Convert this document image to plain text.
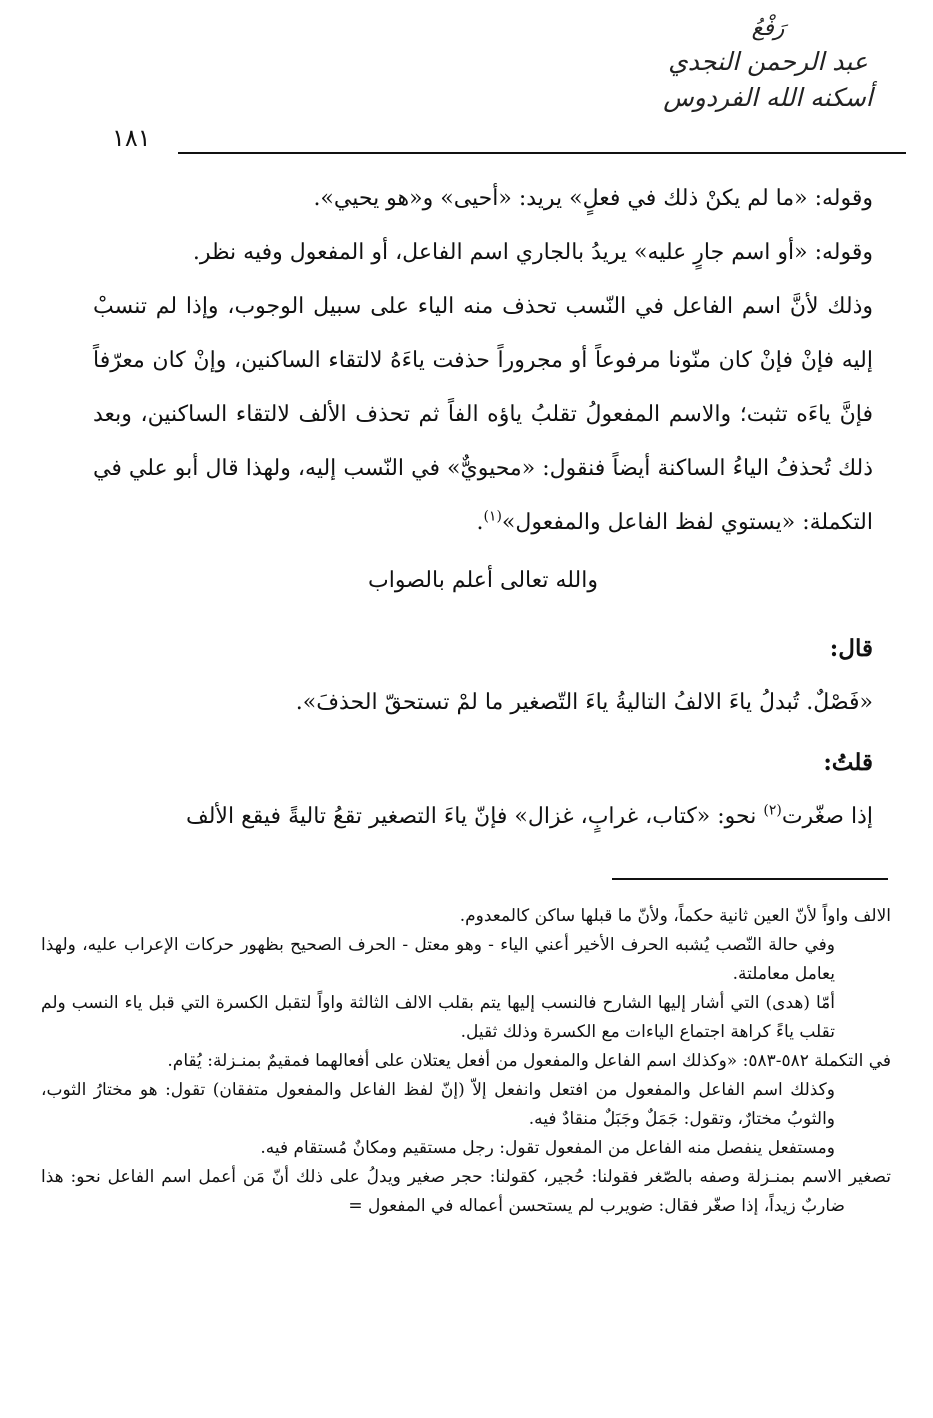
رَفْعُ
عبد الرحمن النجدي
أسكنه الله الفردوس
١٨١

وقوله: «ما لم يكنْ ذلك في فعلٍ» يريد: «أحيى» و«هو يحيي».

وقوله: «أو اسم جارٍ عليه» يريدُ بالجاري اسم الفاعل، أو المفعول وفيه نظر.

وذلك لأنَّ اسم الفاعل في النّسب تحذف منه الياء على سبيل الوجوب، وإذا لم تنسبْ إليه فإنْ فإنْ كان منّونا مرفوعاً أو مجروراً حذفت ياءَهُ لالتقاء الساكنين، وإنْ كان معرّفاً فإنَّ ياءَه تثبت؛ والاسم المفعولُ تقلبُ ياؤه الفاً ثم تحذف الألف لالتقاء الساكنين، وبعد ذلك تُحذفُ الياءُ الساكنة أيضاً فنقول: «محيويٌّ» في النّسب إليه، ولهذا قال أبو علي في التكملة: «يستوي لفظ الفاعل والمفعول»$^{(١)}$.

والله تعالى أعلم بالصواب

قال:

«فَصْلٌ. تُبدلُ ياءَ الالفُ التاليةُ ياءَ التّصغير ما لمْ تستحقّ الحذفَ».

قلتُ:

إذا صغّرت$^{(٢)}$ نحو: «كتاب، غرابٍ، غزال» فإنّ ياءَ التصغير تقعُ تاليةً فيقع الألف

الالف واواً لأنّ العين ثانية حكماً، ولأنّ ما قبلها ساكن كالمعدوم.

وفي حالة النّصب يُشبه الحرف الأخير أعني الياء - وهو معتل - الحرف الصحيح بظهور حركات الإعراب عليه، ولهذا يعامل معاملتة.

أمّا (هدى) التي أشار إليها الشارح فالنسب إليها يتم بقلب الالف الثالثة واواً لتقبل الكسرة التي قبل ياء النسب ولم تقلب ياءً كراهة اجتماع الياءات مع الكسرة وذلك ثقيل.

في التكملة ٥٨٢-٥٨٣: «وكذلك اسم الفاعل والمفعول من أفعل يعتلان على أفعالهما فمقيمٌ بمنـزلة: يُقام.

وكذلك اسم الفاعل والمفعول من افتعل وانفعل إلاّ (إنّ لفظ الفاعل والمفعول متفقان) تقول: هو مختارُ الثوب، والثوبُ مختارٌ، وتقول: جَمَلٌ وجَبَلٌ منقادٌ فيه.

ومستفعل ينفصل منه الفاعل من المفعول تقول: رجل مستقيم ومكانٌ مُستقام فيه.

تصغير الاسم بمنـزلة وصفه بالصّغر فقولنا: حُجير، كقولنا: حجر صغير ويدلُ على ذلك أنّ مَن أعمل اسم الفاعل نحو: هذا ضاربٌ زيداً، إذا صغّر فقال: ضويرب لم يستحسن أعماله في المفعول =
